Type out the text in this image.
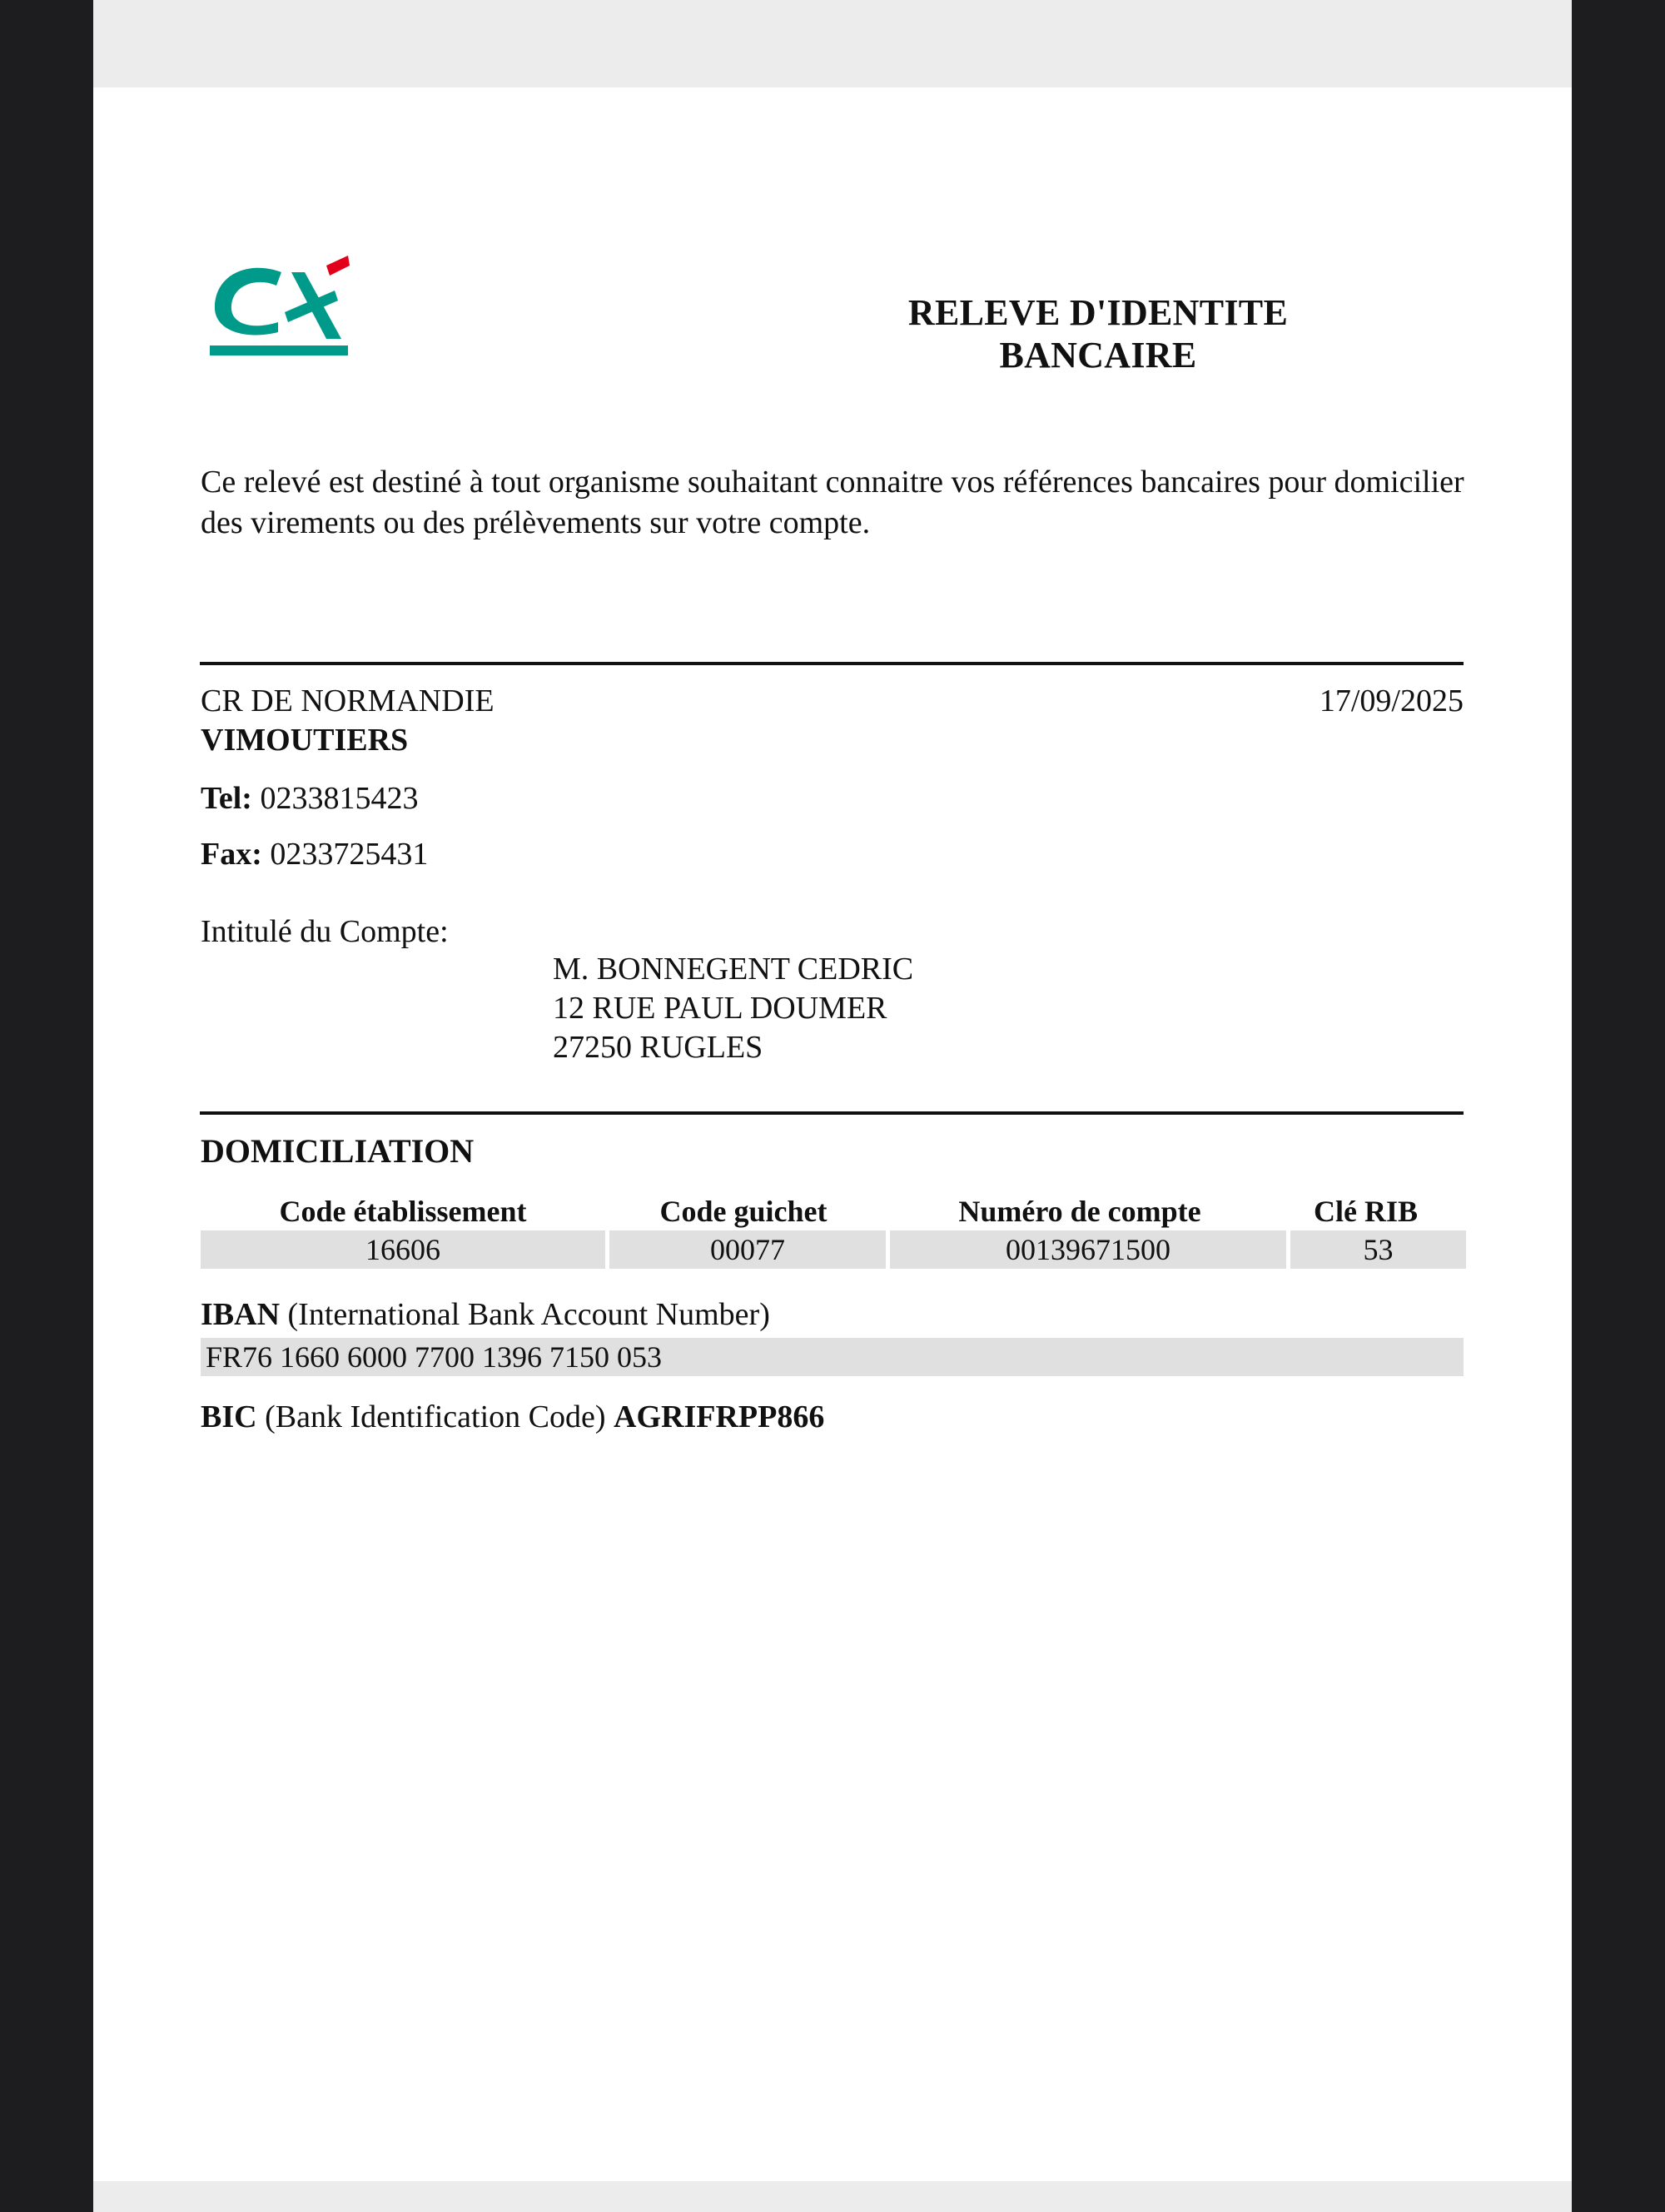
RELEVE D'IDENTITE BANCAIRE
Ce relevé est destiné à tout organisme souhaitant connaitre vos références bancaires pour domicilier des virements ou des prélèvements sur votre compte.
CR DE NORMANDIE
VIMOUTIERS
17/09/2025
Tel: 0233815423
Fax: 0233725431
Intitulé du Compte:
M. BONNEGENT CEDRIC
12 RUE PAUL DOUMER
27250 RUGLES
DOMICILIATION
Code établissement	Code guichet	Numéro de compte	Clé RIB
16606	00077	00139671500	53
IBAN (International Bank Account Number)
FR76 1660 6000 7700 1396 7150 053
BIC (Bank Identification Code) AGRIFRPP866
